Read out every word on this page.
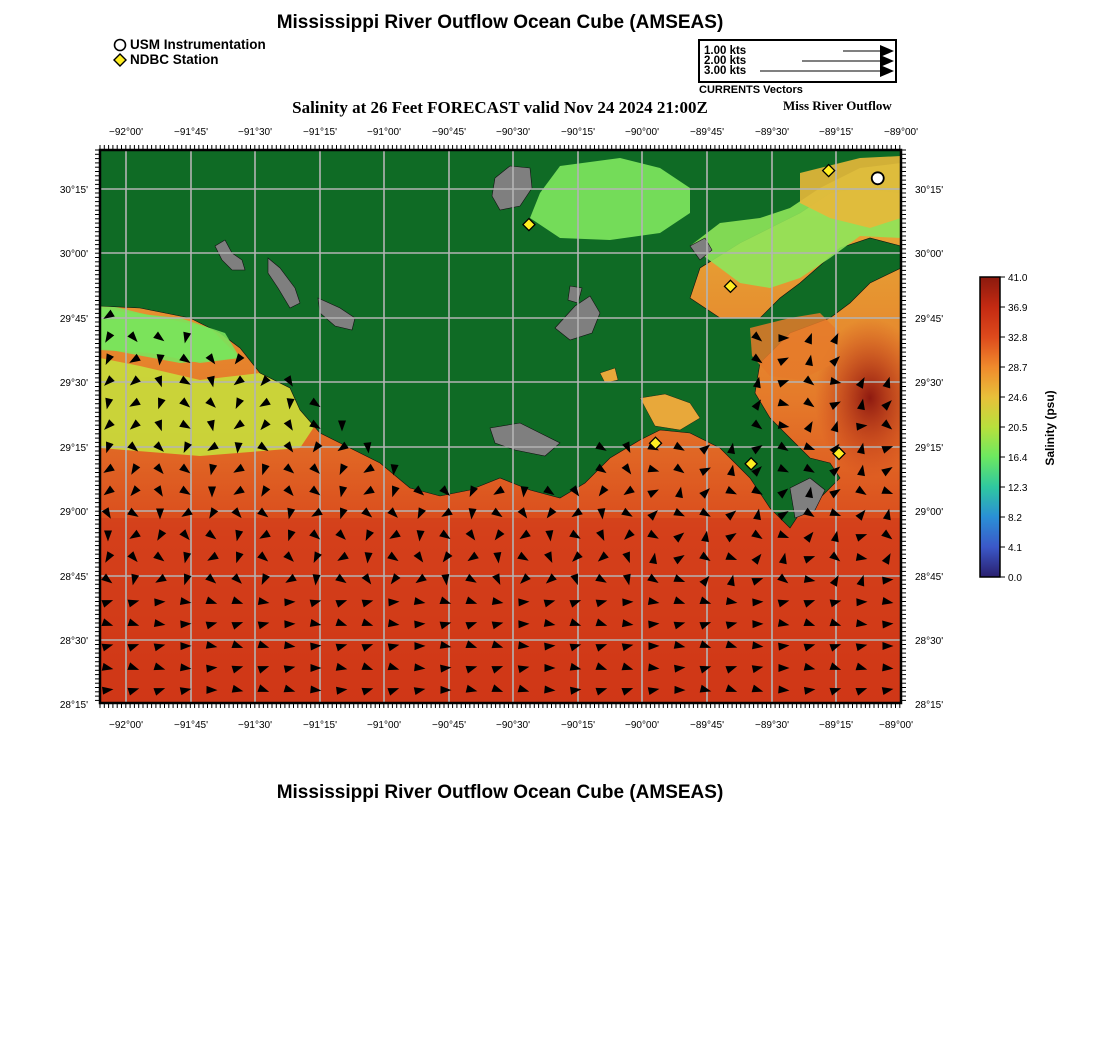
Mississippi River Outflow Ocean Cube (AMSEAS)
USM Instrumentation
NDBC Station
1.00 kts
2.00 kts
3.00 kts
CURRENTS Vectors
Salinity at 26 Feet FORECAST valid Nov 24 2024 21:00Z	Miss River Outflow
−92°00'	−91°45'	−91°30'	−91°15'	−91°00'	−90°45'	−90°30'	−90°15'	−90°00'	−89°45'	−89°30'	−89°15'	−89°00'
−92°00'	−91°45'	−91°30'	−91°15'	−91°00'	−90°45'	−90°30'	−90°15'	−90°00'	−89°45'	−89°30'	−89°15'	−89°00'
30°15'
30°00'
29°45'
29°30'
29°15'
29°00'
28°45'
28°30'
28°15'
30°15'
30°00'
29°45'
29°30'
29°15'
29°00'
28°45'
28°30'
28°15'
41.0
36.9
32.8
28.7
24.6
20.5
16.4
12.3
8.2
4.1
0.0
Salinity (psu)
Mississippi River Outflow Ocean Cube (AMSEAS)
